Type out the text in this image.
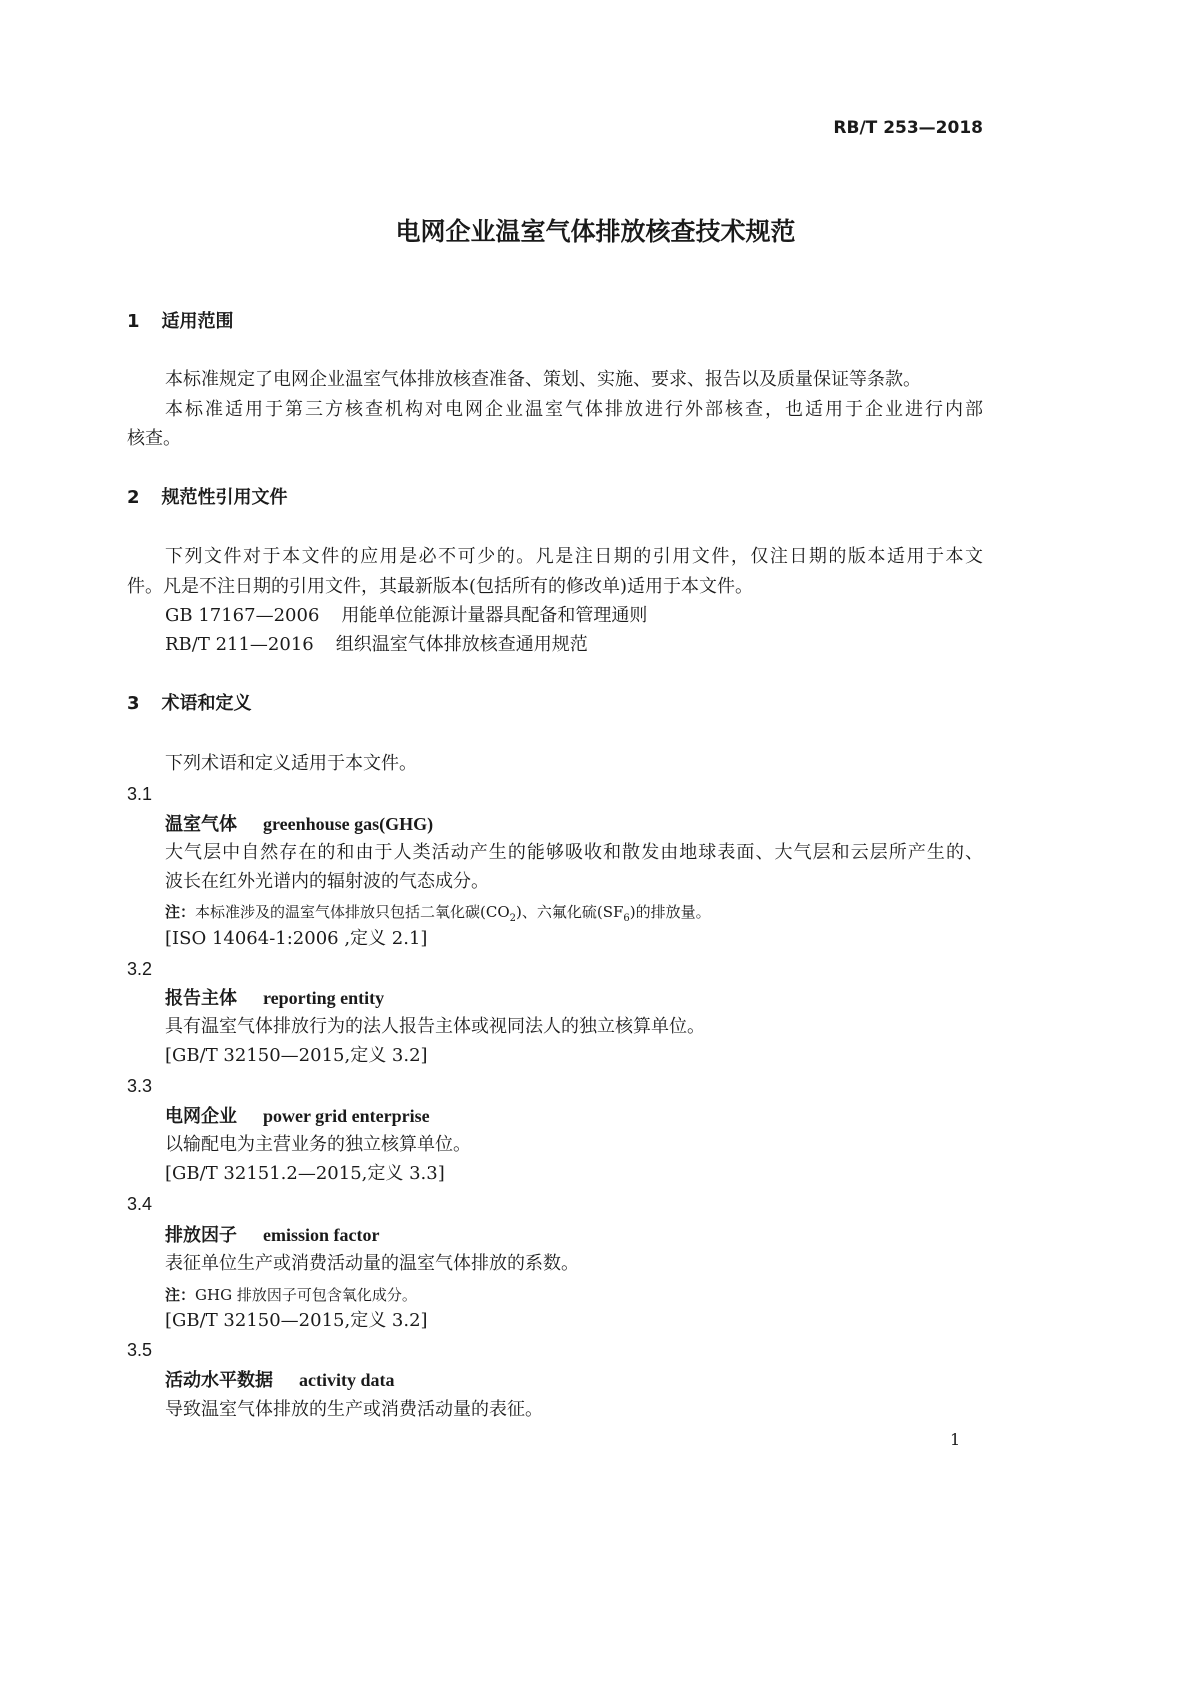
RB/T 253—2018
电网企业温室气体排放核查技术规范
1 适用范围
本标准规定了电网企业温室气体排放核查准备、策划、实施、要求、报告以及质量保证等条款。
本标准适用于第三方核查机构对电网企业温室气体排放进行外部核查，也适用于企业进行内部
核查。
2 规范性引用文件
下列文件对于本文件的应用是必不可少的。凡是注日期的引用文件，仅注日期的版本适用于本文
件。凡是不注日期的引用文件，其最新版本(包括所有的修改单)适用于本文件。
GB 17167—2006 用能单位能源计量器具配备和管理通则
RB/T 211—2016 组织温室气体排放核查通用规范
3 术语和定义
下列术语和定义适用于本文件。
3.1
温室气体 greenhouse gas(GHG)
大气层中自然存在的和由于人类活动产生的能够吸收和散发由地球表面、大气层和云层所产生的、
波长在红外光谱内的辐射波的气态成分。
注：本标准涉及的温室气体排放只包括二氧化碳$(CO_2)$、六氟化硫$(SF_6)$的排放量。
[ISO 14064-1:2006 ,定义 2.1]
3.2
报告主体 reporting entity
具有温室气体排放行为的法人报告主体或视同法人的独立核算单位。
[GB/T 32150—2015,定义 3.2]
3.3
电网企业 power grid enterprise
以输配电为主营业务的独立核算单位。
[GB/T 32151.2—2015,定义 3.3]
3.4
排放因子 emission factor
表征单位生产或消费活动量的温室气体排放的系数。
注：GHG 排放因子可包含氧化成分。
[GB/T 32150—2015,定义 3.2]
3.5
活动水平数据 activity data
导致温室气体排放的生产或消费活动量的表征。
1
